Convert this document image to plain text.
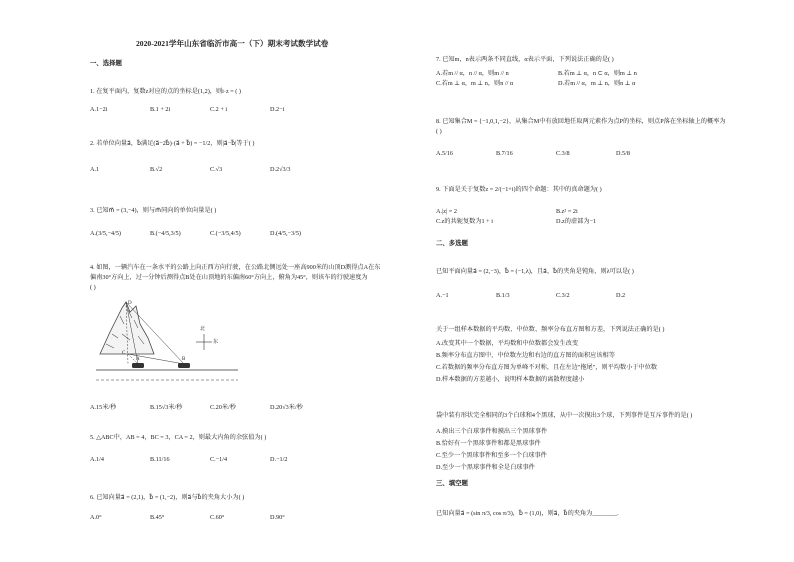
2020-2021学年山东省临沂市高一（下）期末考试数学试卷
一、选择题
1. 在复平面内，复数z对应的点的坐标是(1,2)，则i·z = ( )
A.1−2i	B.1 + 2i	C.2 + i	D.2−i
2. 若单位向量a⃗，b⃗满足(a⃗−2b⃗)·(a⃗ + b⃗) = −1/2，则|a⃗−b⃗|等于( )
A.1	B.√2	C.√3	D.2√3/3
3. 已知m⃗ = (3,−4)，则与m⃗同向的单位向量是( )
A.(3/5,−4/5)	B.(−4/5,3/5)	C.(−3/5,4/5)	D.(4/5,−3/5)
4. 如图，一辆汽车在一条水平的公路上向正西方向行驶，在公路北侧远处一座高900米的山顶D测得点A在东
偏南30°方向上，过一分钟后测得点B处在山顶地的东偏南60°方向上，俯角为45°，则该车的行驶速度为
( )
北
东
D
C
A	B
A.15米/秒	B.15√3米/秒	C.20米/秒	D.20√3米/秒
5. △ABC中，AB = 4，BC = 3，CA = 2，则最大内角的余弦值为( )
A.1/4	B.11/16	C.−1/4	D.−1/2
6. 已知向量a⃗ = (2,1)，b⃗ = (1,−2)，则a⃗与b⃗的夹角大小为( )
A.0°	B.45°	C.60°	D.90°
7. 已知m，n表示两条不同直线，α表示平面，下列说法正确的是( )
A.若m // α，n // α，则m // n	B.若m ⊥ α，n ⊂ α，则m ⊥ n
C.若m ⊥ α，m ⊥ n，则n // α	D.若m // α，m ⊥ n，则n ⊥ α
8. 已知集合M = {−1,0,1,−2}，从集合M中有放回地任取两元素作为点P的坐标，则点P落在坐标轴上的概率为
( )
A.5/16	B.7/16	C.3/8	D.5/8
9. 下面是关于复数z = 2/(−1+i)的四个命题：其中的真命题为( )
A.|z| = 2	B.z² = 2i
C.z的共轭复数为1 + i	D.z的虚部为−1
二、多选题
已知平面向量a⃗ = (2,−3)，b⃗ = (−1,λ)，且a⃗，b⃗的夹角是钝角，则λ可以是( )
A.−1	B.1/3	C.3/2	D.2
关于一组样本数据的平均数、中位数、频率分布直方图和方差，下列说法正确的是( )
A.改变其中一个数据，平均数和中位数都会发生改变
B.频率分布直方图中，中位数左边和右边的直方图的面积应该相等
C.若数据的频率分布直方图为单峰不对称，且在左边"拖尾"，则平均数小于中位数
D.样本数据的方差越小，说明样本数据的离散程度越小
袋中装有形状完全相同的3个白球和4个黑球，从中一次摸出3个球，下列事件是互斥事件的是( )
A.摸出三个白球事件和摸出三个黑球事件
B.恰好有一个黑球事件和都是黑球事件
C.至少一个黑球事件和至多一个白球事件
D.至少一个黑球事件和全是白球事件
三、填空题
已知向量a⃗ = (sin π/3, cos π/3)，b⃗ = (1,0)，则a⃗，b⃗的夹角为________.
